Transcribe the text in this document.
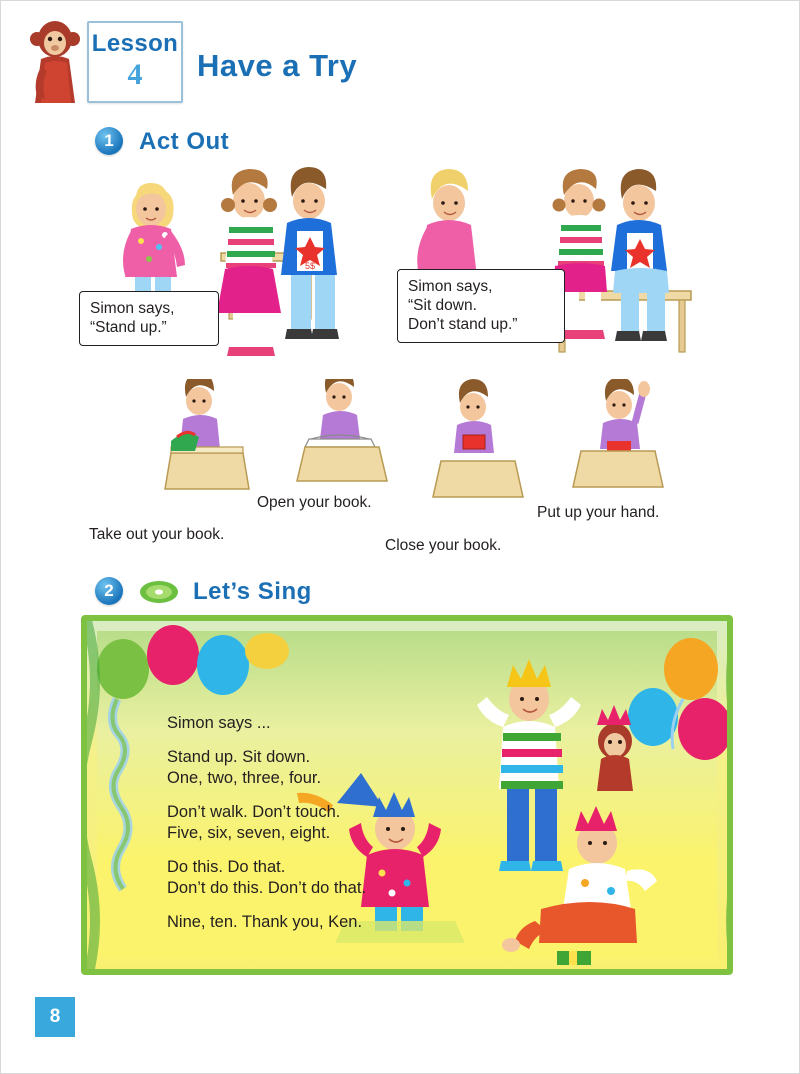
Lesson
4	Have a Try
1	Act Out
5$
Simon says,
“Stand up.”
Simon says,
“Sit down.
Don’t stand up.”
Take out your book.
Open your book.
Close your book.
Put up your hand.
2	Let’s Sing
Simon says ...
Stand up. Sit down.
One, two, three, four.
Don’t walk. Don’t touch.
Five, six, seven, eight.
Do this. Do that.
Don’t do this. Don’t do that.
Nine, ten. Thank you, Ken.
8
